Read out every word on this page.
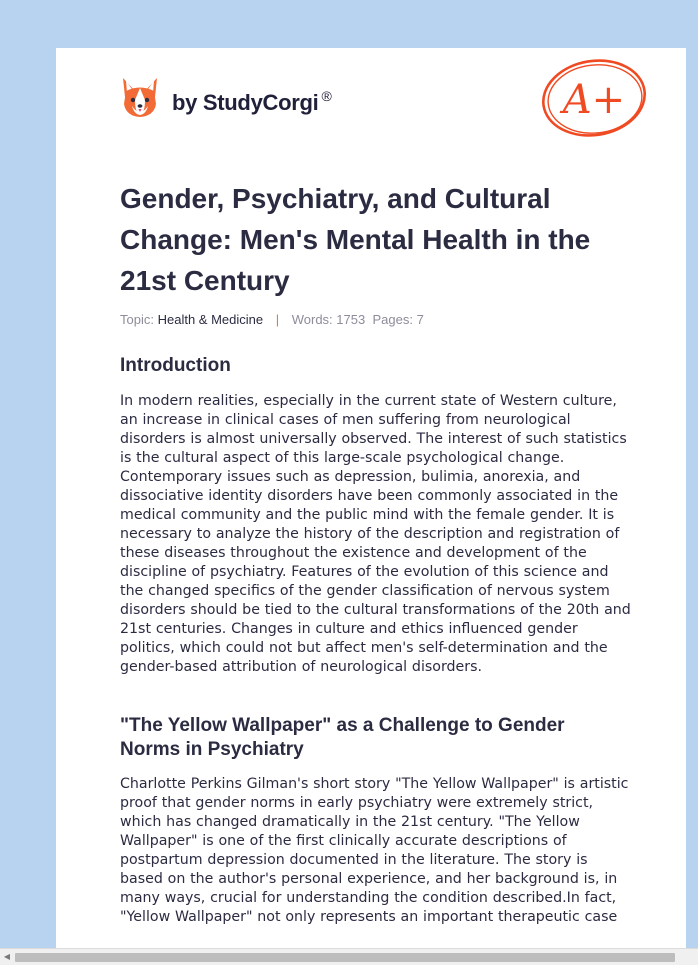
by StudyCorgi ®	A+
Gender, Psychiatry, and Cultural Change: Men's Mental Health in the 21st Century
Topic: Health & Medicine | Words: 1753 Pages: 7
Introduction

In modern realities, especially in the current state of Western culture, an increase in clinical cases of men suffering from neurological disorders is almost universally observed. The interest of such statistics is the cultural aspect of this large-scale psychological change. Contemporary issues such as depression, bulimia, anorexia, and dissociative identity disorders have been commonly associated in the medical community and the public mind with the female gender. It is necessary to analyze the history of the description and registration of these diseases throughout the existence and development of the discipline of psychiatry. Features of the evolution of this science and the changed specifics of the gender classification of nervous system disorders should be tied to the cultural transformations of the 20th and 21st centuries. Changes in culture and ethics influenced gender politics, which could not but affect men's self-determination and the gender-based attribution of neurological disorders.

"The Yellow Wallpaper" as a Challenge to Gender Norms in Psychiatry

Charlotte Perkins Gilman's short story "The Yellow Wallpaper" is artistic proof that gender norms in early psychiatry were extremely strict, which has changed dramatically in the 21st century. "The Yellow Wallpaper" is one of the first clinically accurate descriptions of postpartum depression documented in the literature. The story is based on the author's personal experience, and her background is, in many ways, crucial for understanding the condition described.In fact, "Yellow Wallpaper" not only represents an important therapeutic case

◀
